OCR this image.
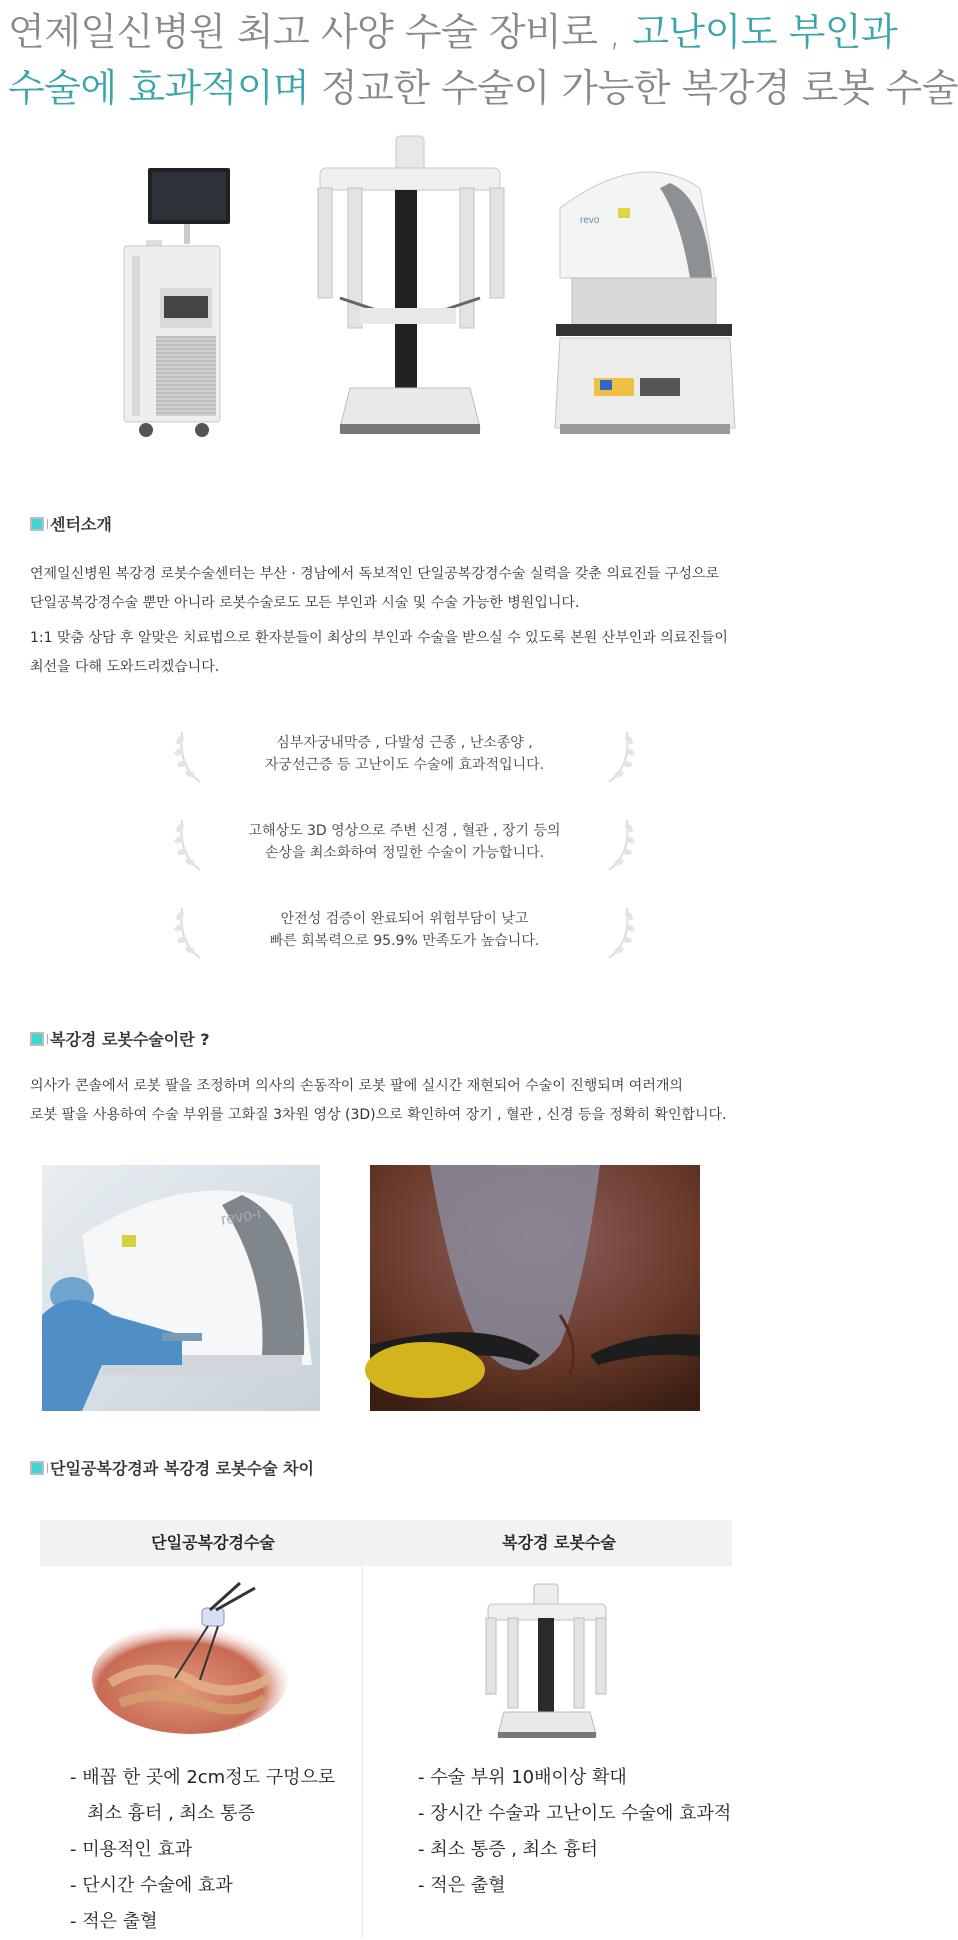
연제일신병원 최고 사양 수술 장비로 , 고난이도 부인과
수술에 효과적이며 정교한 수술이 가능한 복강경 로봇 수술
revo
센터소개
연제일신병원 복강경 로봇수술센터는 부산 · 경남에서 독보적인 단일공복강경수술 실력을 갖춘 의료진들 구성으로
단일공복강경수술 뿐만 아니라 로봇수술로도 모든 부인과 시술 및 수술 가능한 병원입니다.
1:1 맞춤 상담 후 알맞은 치료법으로 환자분들이 최상의 부인과 수술을 받으실 수 있도록 본원 산부인과 의료진들이
최선을 다해 도와드리겠습니다.
심부자궁내막증 , 다발성 근종 , 난소종양 ,
자궁선근증 등 고난이도 수술에 효과적입니다.
고해상도 3D 영상으로 주변 신경 , 혈관 , 장기 등의
손상을 최소화하여 정밀한 수술이 가능합니다.
안전성 검증이 완료되어 위험부담이 낮고
빠른 회복력으로 95.9% 만족도가 높습니다.
복강경 로봇수술이란 ?
의사가 콘솔에서 로봇 팔을 조정하며 의사의 손동작이 로봇 팔에 실시간 재현되어 수술이 진행되며 여러개의
로봇 팔을 사용하여 수술 부위를 고화질 3차원 영상 (3D)으로 확인하여 장기 , 혈관 , 신경 등을 정확히 확인합니다.
revo-i
단일공복강경과 복강경 로봇수술 차이
단일공복강경수술	복강경 로봇수술
- 배꼽 한 곳에 2cm정도 구멍으로
최소 흉터 , 최소 통증
- 미용적인 효과
- 단시간 수술에 효과
- 적은 출혈
- 수술 부위 10배이상 확대
- 장시간 수술과 고난이도 수술에 효과적
- 최소 통증 , 최소 흉터
- 적은 출혈
